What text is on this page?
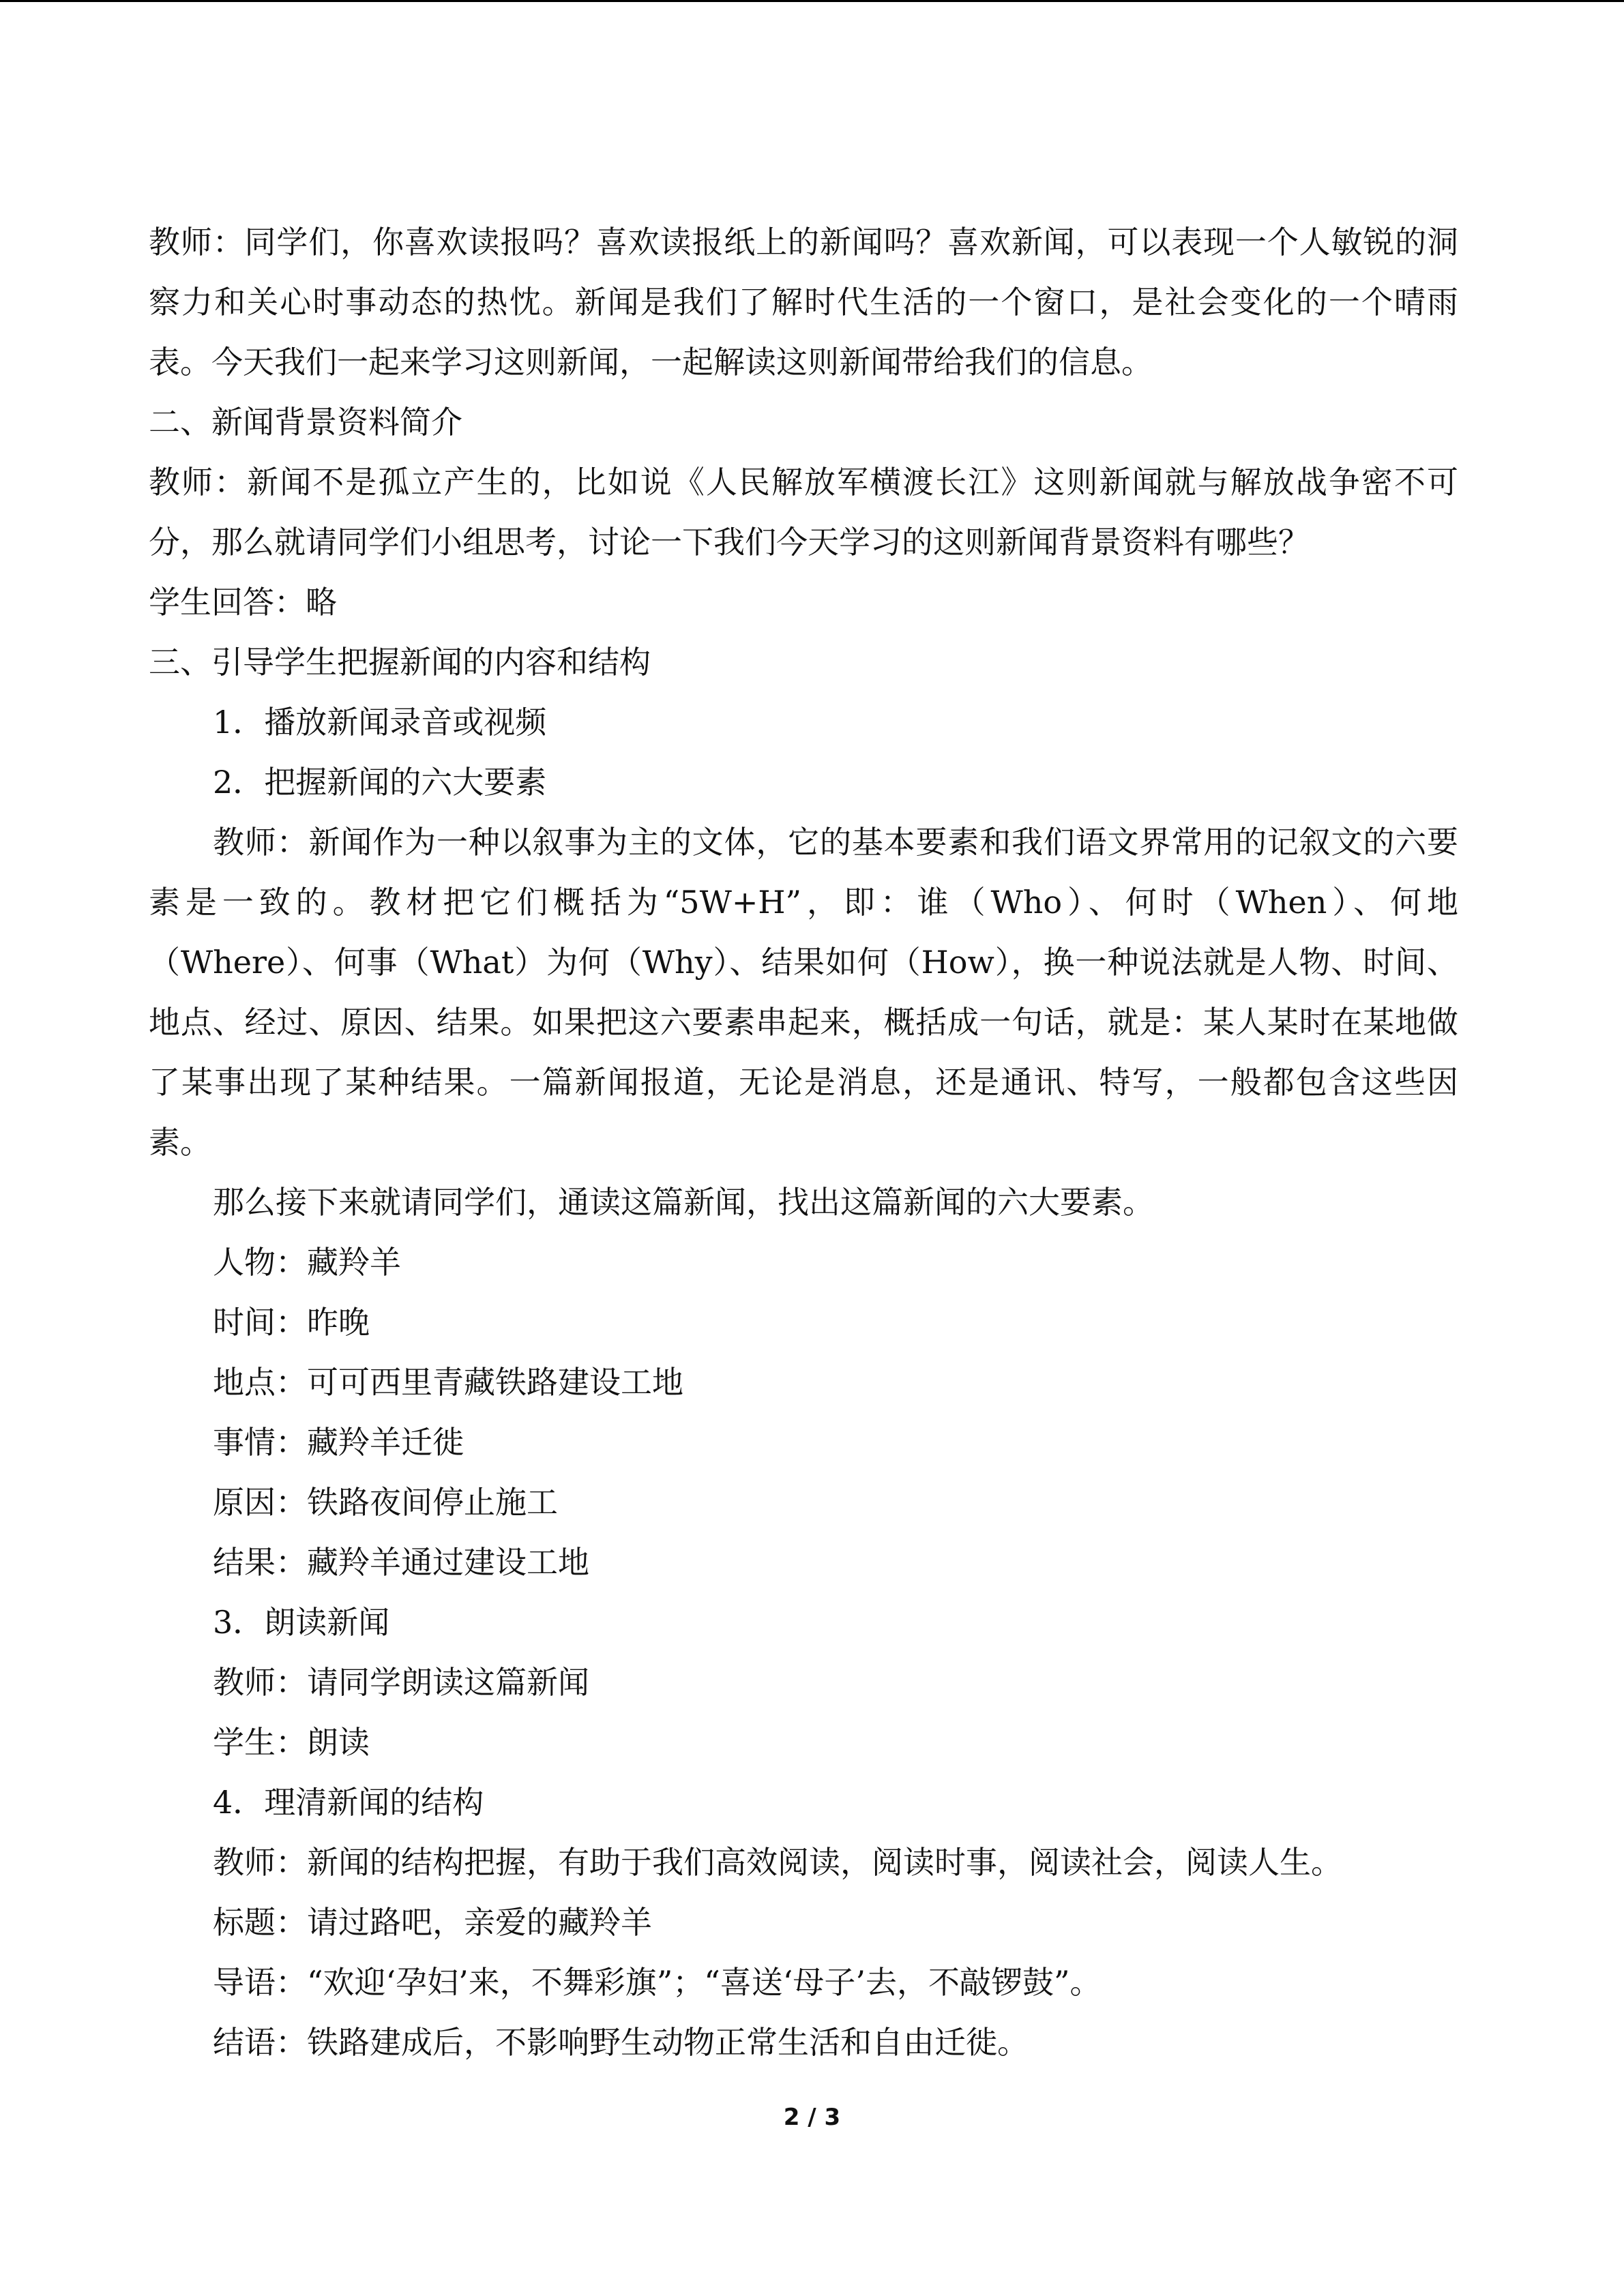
教师：同学们，你喜欢读报吗？喜欢读报纸上的新闻吗？喜欢新闻，可以表现一个人敏锐的洞察力和关心时事动态的热忱。新闻是我们了解时代生活的一个窗口，是社会变化的一个晴雨表。今天我们一起来学习这则新闻，一起解读这则新闻带给我们的信息。

二、新闻背景资料简介

教师：新闻不是孤立产生的，比如说《人民解放军横渡长江》这则新闻就与解放战争密不可分，那么就请同学们小组思考，讨论一下我们今天学习的这则新闻背景资料有哪些？

学生回答：略

三、引导学生把握新闻的内容和结构

1．播放新闻录音或视频

2．把握新闻的六大要素

教师：新闻作为一种以叙事为主的文体，它的基本要素和我们语文界常用的记叙文的六要素是一致的。教材把它们概括为“5W+H”，即：谁（Who）、何时（When）、何地（Where）、何事（What）为何（Why）、结果如何（How），换一种说法就是人物、时间、地点、经过、原因、结果。如果把这六要素串起来，概括成一句话，就是：某人某时在某地做了某事出现了某种结果。一篇新闻报道，无论是消息，还是通讯、特写，一般都包含这些因素。

那么接下来就请同学们，通读这篇新闻，找出这篇新闻的六大要素。

人物：藏羚羊

时间：昨晚

地点：可可西里青藏铁路建设工地

事情：藏羚羊迁徙

原因：铁路夜间停止施工

结果：藏羚羊通过建设工地

3．朗读新闻

教师：请同学朗读这篇新闻

学生：朗读

4．理清新闻的结构

教师：新闻的结构把握，有助于我们高效阅读，阅读时事，阅读社会，阅读人生。

标题：请过路吧，亲爱的藏羚羊

导语：“欢迎‘孕妇’来，不舞彩旗”；“喜送‘母子’去，不敲锣鼓”。

结语：铁路建成后，不影响野生动物正常生活和自由迁徙。

2 / 3
